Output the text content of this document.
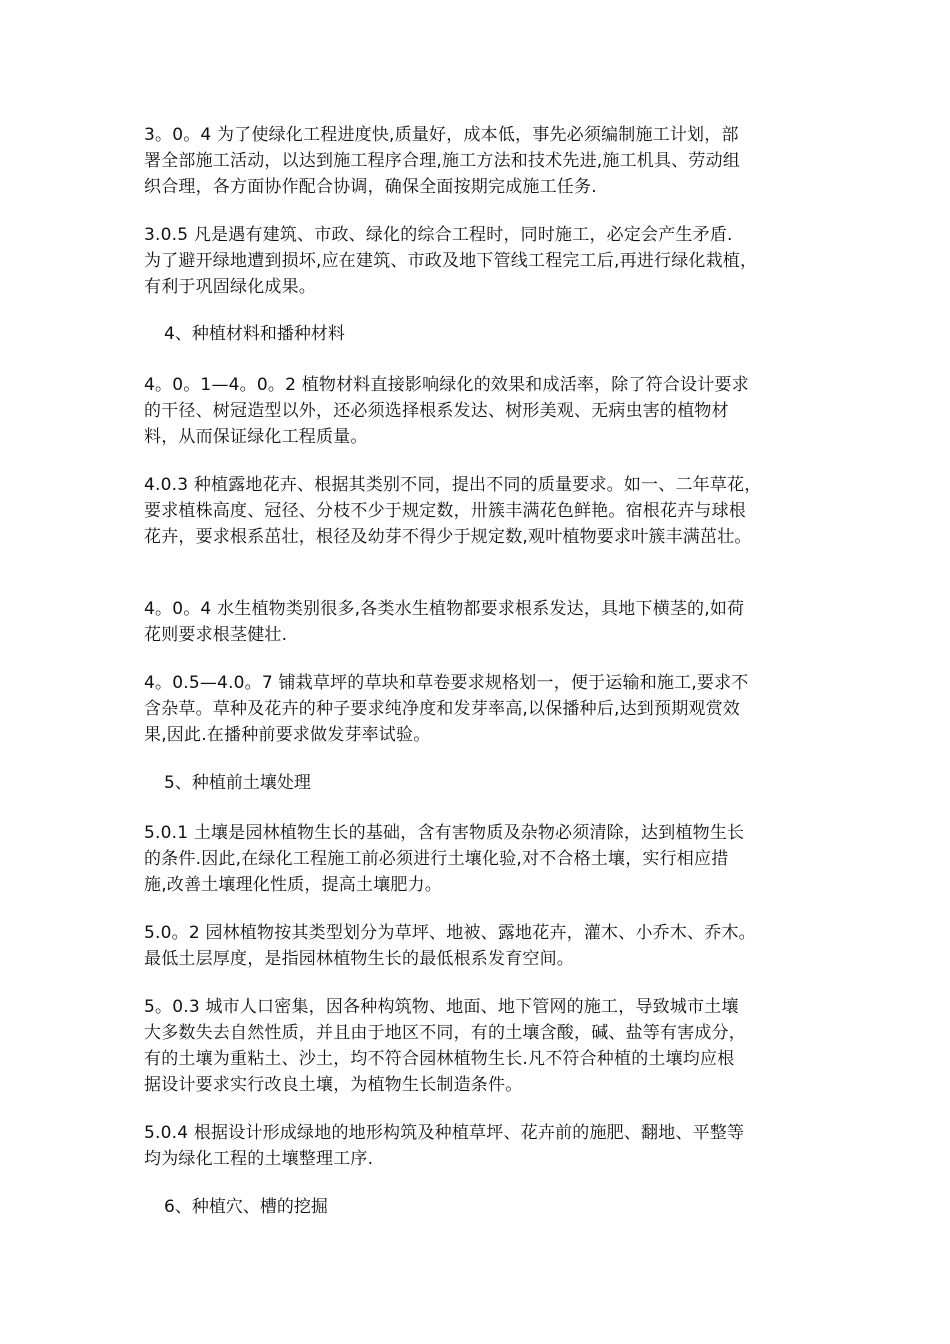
3。0。4 为了使绿化工程进度快,质量好，成本低，事先必须编制施工计划，部
署全部施工活动，以达到施工程序合理,施工方法和技术先进,施工机具、劳动组
织合理，各方面协作配合协调，确保全面按期完成施工任务.
3.0.5 凡是遇有建筑、市政、绿化的综合工程时，同时施工，必定会产生矛盾.
为了避开绿地遭到损坏,应在建筑、市政及地下管线工程完工后,再进行绿化栽植，
有利于巩固绿化成果。
4、种植材料和播种材料
4。0。1—4。0。2 植物材料直接影响绿化的效果和成活率，除了符合设计要求
的干径、树冠造型以外，还必须选择根系发达、树形美观、无病虫害的植物材
料，从而保证绿化工程质量。
4.0.3 种植露地花卉、根据其类别不同，提出不同的质量要求。如一、二年草花，
要求植株高度、冠径、分枝不少于规定数，卅簇丰满花色鲜艳。宿根花卉与球根
花卉，要求根系茁壮，根径及幼芽不得少于规定数,观叶植物要求叶簇丰满茁壮。
4。0。4 水生植物类别很多,各类水生植物都要求根系发达，具地下横茎的,如荷
花则要求根茎健壮.
4。0.5—4.0。7 铺栽草坪的草块和草卷要求规格划一，便于运输和施工,要求不
含杂草。草种及花卉的种子要求纯净度和发芽率高,以保播种后,达到预期观赏效
果,因此.在播种前要求做发芽率试验。
5、种植前土壤处理
5.0.1 土壤是园林植物生长的基础，含有害物质及杂物必须清除，达到植物生长
的条件.因此,在绿化工程施工前必须进行土壤化验,对不合格土壤，实行相应措
施,改善土壤理化性质，提高土壤肥力。
5.0。2 园林植物按其类型划分为草坪、地被、露地花卉，灌木、小乔木、乔木。
最低土层厚度，是指园林植物生长的最低根系发育空间。
5。0.3 城市人口密集，因各种构筑物、地面、地下管网的施工，导致城市土壤
大多数失去自然性质，并且由于地区不同，有的土壤含酸，碱、盐等有害成分，
有的土壤为重粘土、沙土，均不符合园林植物生长.凡不符合种植的土壤均应根
据设计要求实行改良土壤，为植物生长制造条件。
5.0.4 根据设计形成绿地的地形构筑及种植草坪、花卉前的施肥、翻地、平整等
均为绿化工程的土壤整理工序.
6、种植穴、槽的挖掘
